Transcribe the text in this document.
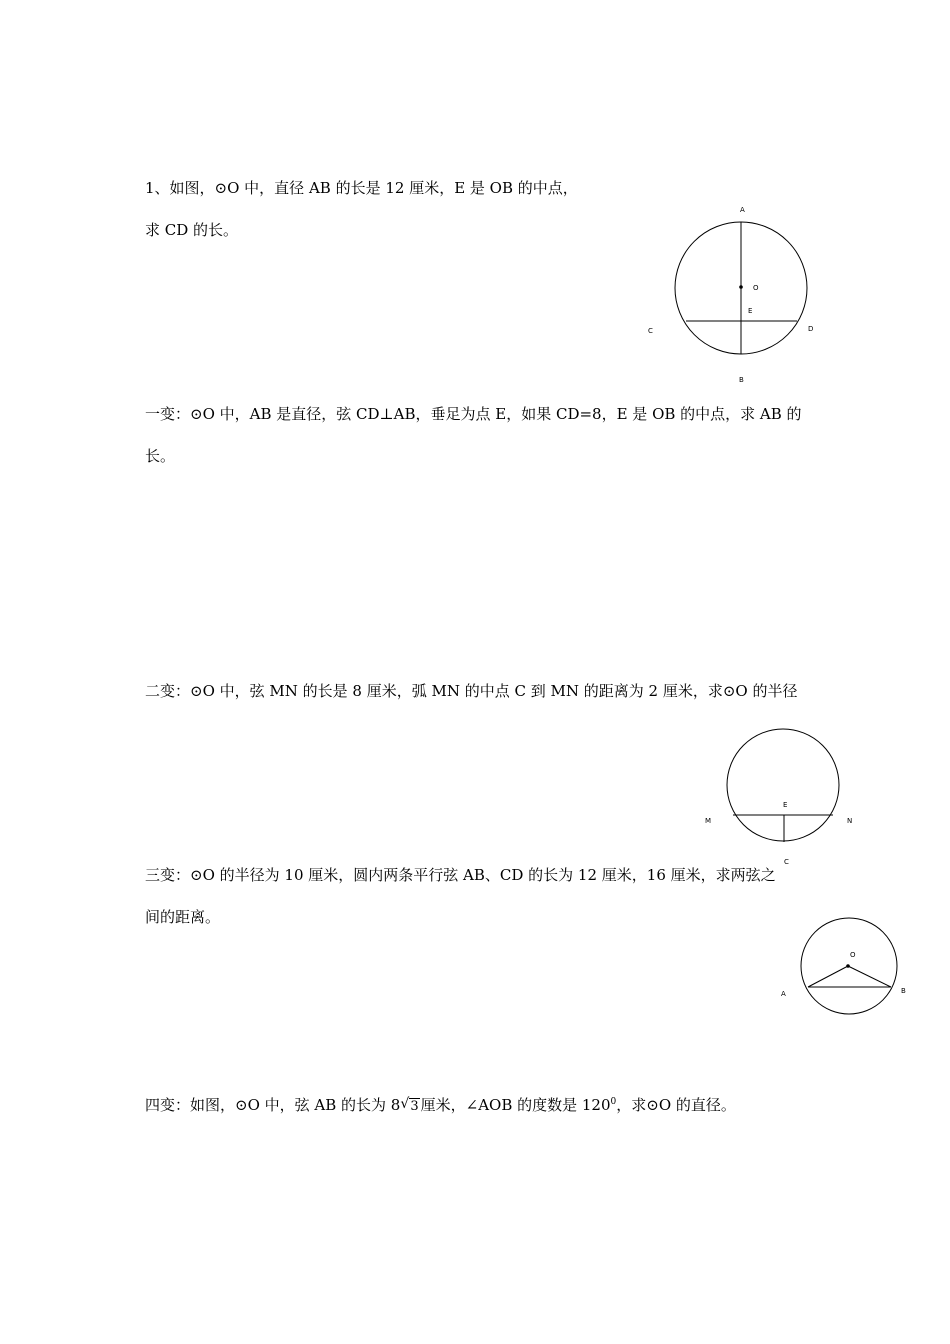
1、如图，⊙O 中，直径 AB 的长是 12 厘米，E 是 OB 的中点，
求 CD 的长。
A
O
E
C	D
B
一变：⊙O 中，AB 是直径，弦 CD⊥AB，垂足为点 E，如果 CD=8，E 是 OB 的中点，求 AB 的
长。
二变：⊙O 中，弦 MN 的长是 8 厘米，弧 MN 的中点 C 到 MN 的距离为 2 厘米，求⊙O 的半径
E
M	N
C
三变：⊙O 的半径为 10 厘米，圆内两条平行弦 AB、CD 的长为 12 厘米，16 厘米，求两弦之
间的距离。
O
A	B
四变：如图，⊙O 中，弦 AB 的长为 8 √ 3 厘米，∠AOB 的度数是 $120^0$，求⊙O 的直径。
